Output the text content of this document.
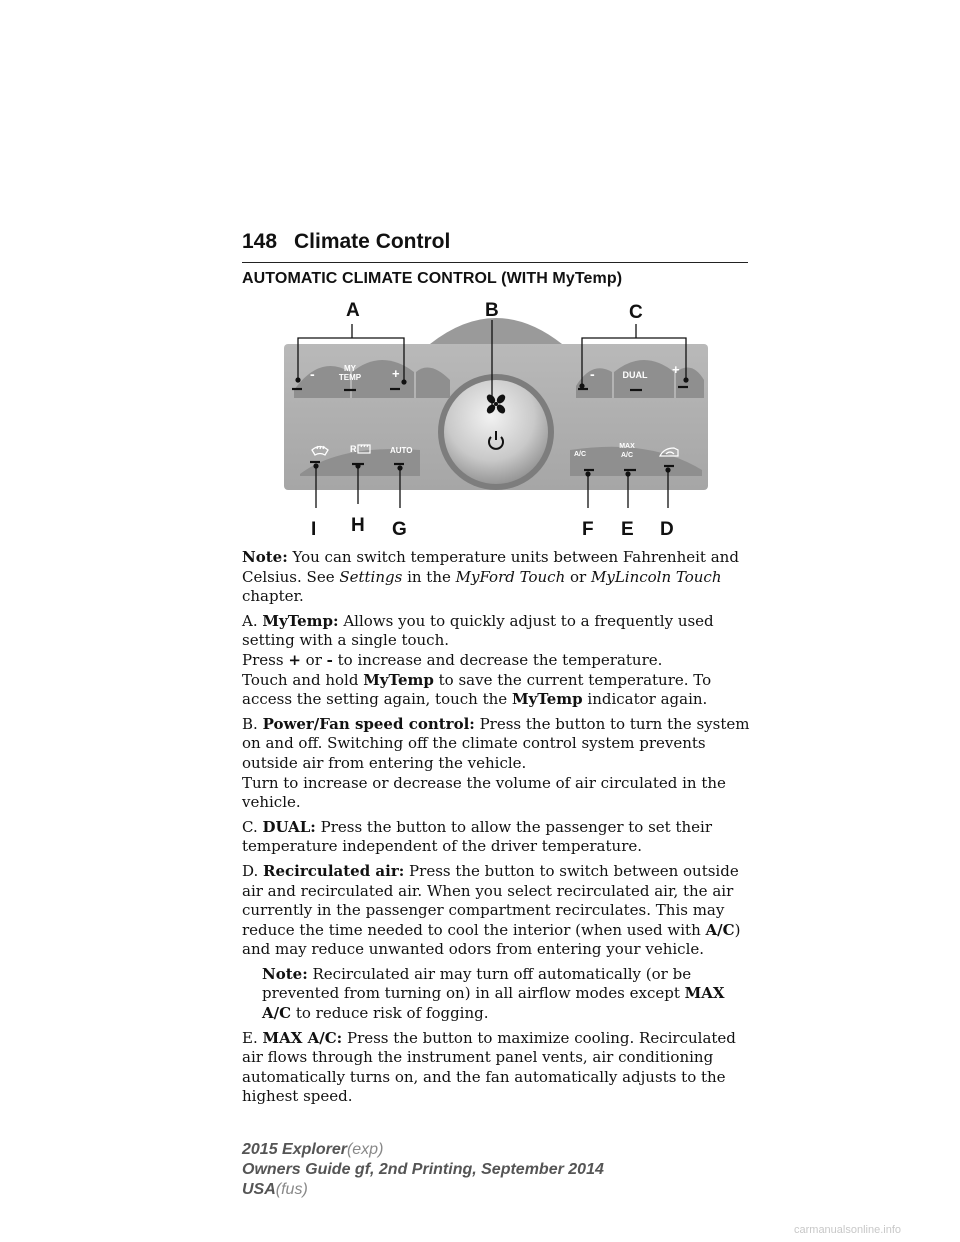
148 Climate Control
AUTOMATIC CLIMATE CONTROL (WITH MyTemp)
-	MY
TEMP +	-	DUAL +
R	AUTO	A/C
MAX
A/C
A	B	C
I H G	F E D

Note: You can switch temperature units between Fahrenheit and Celsius. See Settings in the MyFord Touch or MyLincoln Touch chapter.

A. MyTemp: Allows you to quickly adjust to a frequently used setting with a single touch.
Press + or - to increase and decrease the temperature.
Touch and hold MyTemp to save the current temperature. To access the setting again, touch the MyTemp indicator again.

B. Power/Fan speed control: Press the button to turn the system on and off. Switching off the climate control system prevents outside air from entering the vehicle.
Turn to increase or decrease the volume of air circulated in the vehicle.

C. DUAL: Press the button to allow the passenger to set their temperature independent of the driver temperature.

D. Recirculated air: Press the button to switch between outside air and recirculated air. When you select recirculated air, the air currently in the passenger compartment recirculates. This may reduce the time needed to cool the interior (when used with A/C) and may reduce unwanted odors from entering your vehicle.

Note: Recirculated air may turn off automatically (or be prevented from turning on) in all airflow modes except MAX A/C to reduce risk of fogging.

E. MAX A/C: Press the button to maximize cooling. Recirculated air flows through the instrument panel vents, air conditioning automatically turns on, and the fan automatically adjusts to the highest speed.

2015 Explorer(exp)
Owners Guide gf, 2nd Printing, September 2014
USA(fus)
carmanualsonline.info
